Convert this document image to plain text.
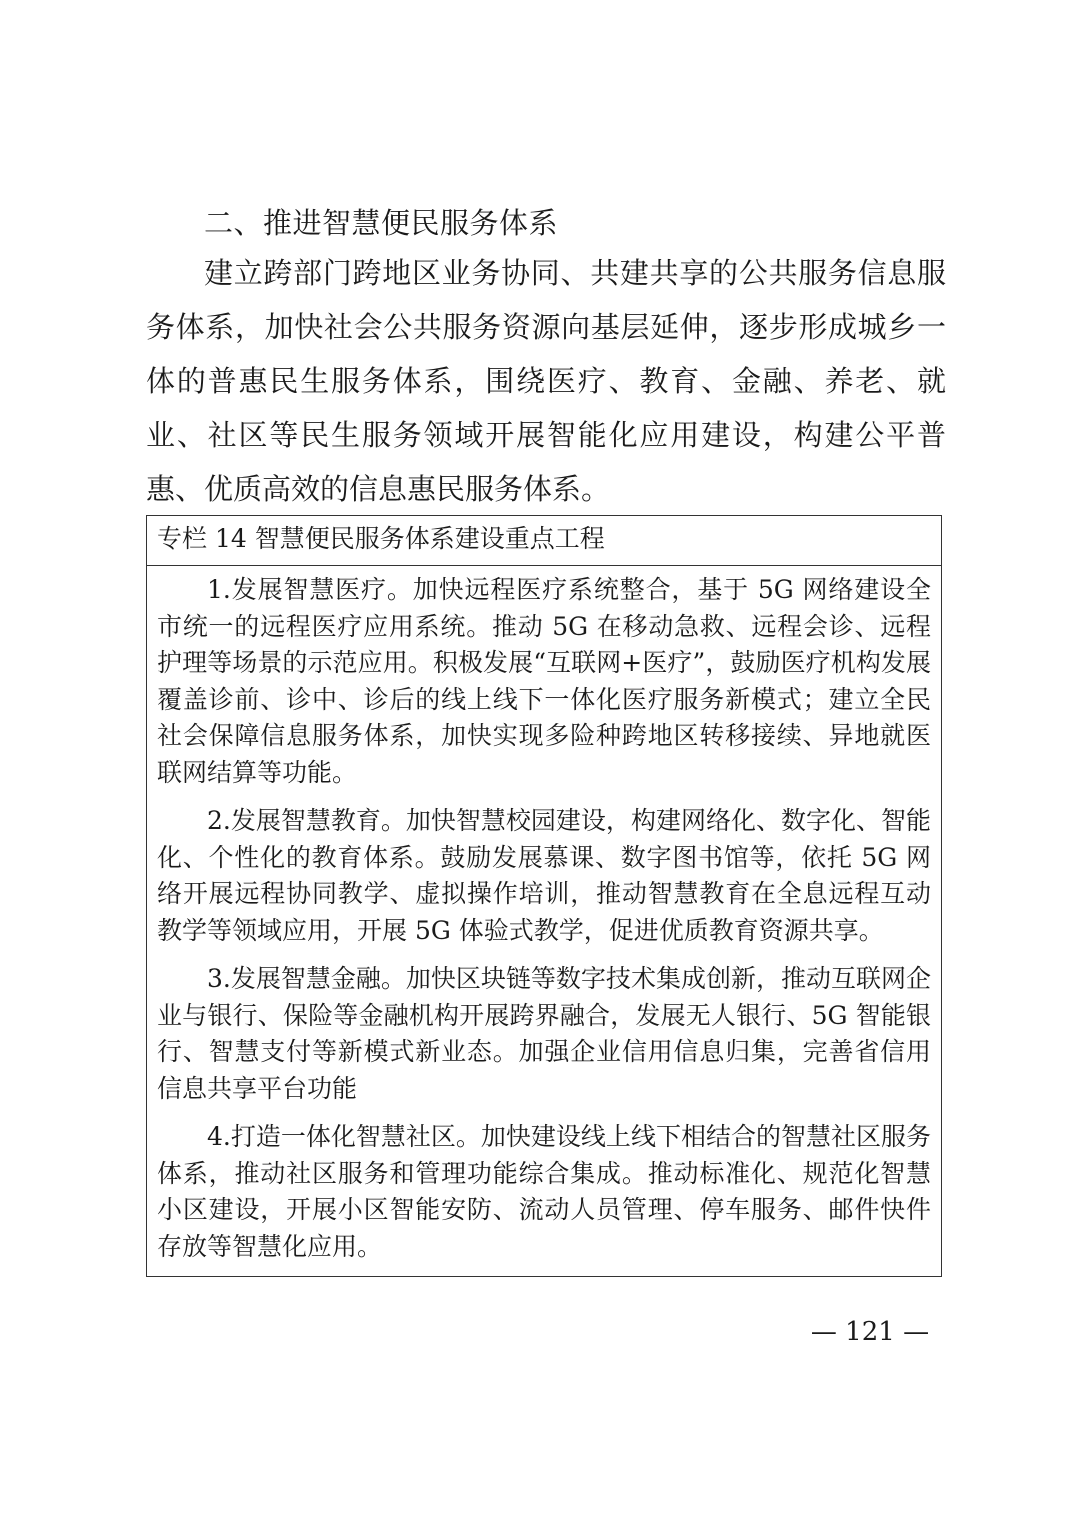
二、推进智慧便民服务体系

建立跨部门跨地区业务协同、共建共享的公共服务信息服务体系，加快社会公共服务资源向基层延伸，逐步形成城乡一体的普惠民生服务体系，围绕医疗、教育、金融、养老、就业、社区等民生服务领域开展智能化应用建设，构建公平普惠、优质高效的信息惠民服务体系。

专栏 14 智慧便民服务体系建设重点工程

1.发展智慧医疗。加快远程医疗系统整合，基于 5G 网络建设全市统一的远程医疗应用系统。推动 5G 在移动急救、远程会诊、远程护理等场景的示范应用。积极发展“互联网+医疗”，鼓励医疗机构发展覆盖诊前、诊中、诊后的线上线下一体化医疗服务新模式；建立全民社会保障信息服务体系，加快实现多险种跨地区转移接续、异地就医联网结算等功能。

2.发展智慧教育。加快智慧校园建设，构建网络化、数字化、智能化、个性化的教育体系。鼓励发展慕课、数字图书馆等，依托 5G 网络开展远程协同教学、虚拟操作培训，推动智慧教育在全息远程互动教学等领域应用，开展 5G 体验式教学，促进优质教育资源共享。

3.发展智慧金融。加快区块链等数字技术集成创新，推动互联网企业与银行、保险等金融机构开展跨界融合，发展无人银行、5G 智能银行、智慧支付等新模式新业态。加强企业信用信息归集，完善省信用信息共享平台功能

4.打造一体化智慧社区。加快建设线上线下相结合的智慧社区服务体系，推动社区服务和管理功能综合集成。推动标准化、规范化智慧小区建设，开展小区智能安防、流动人员管理、停车服务、邮件快件存放等智慧化应用。

— 121 —
